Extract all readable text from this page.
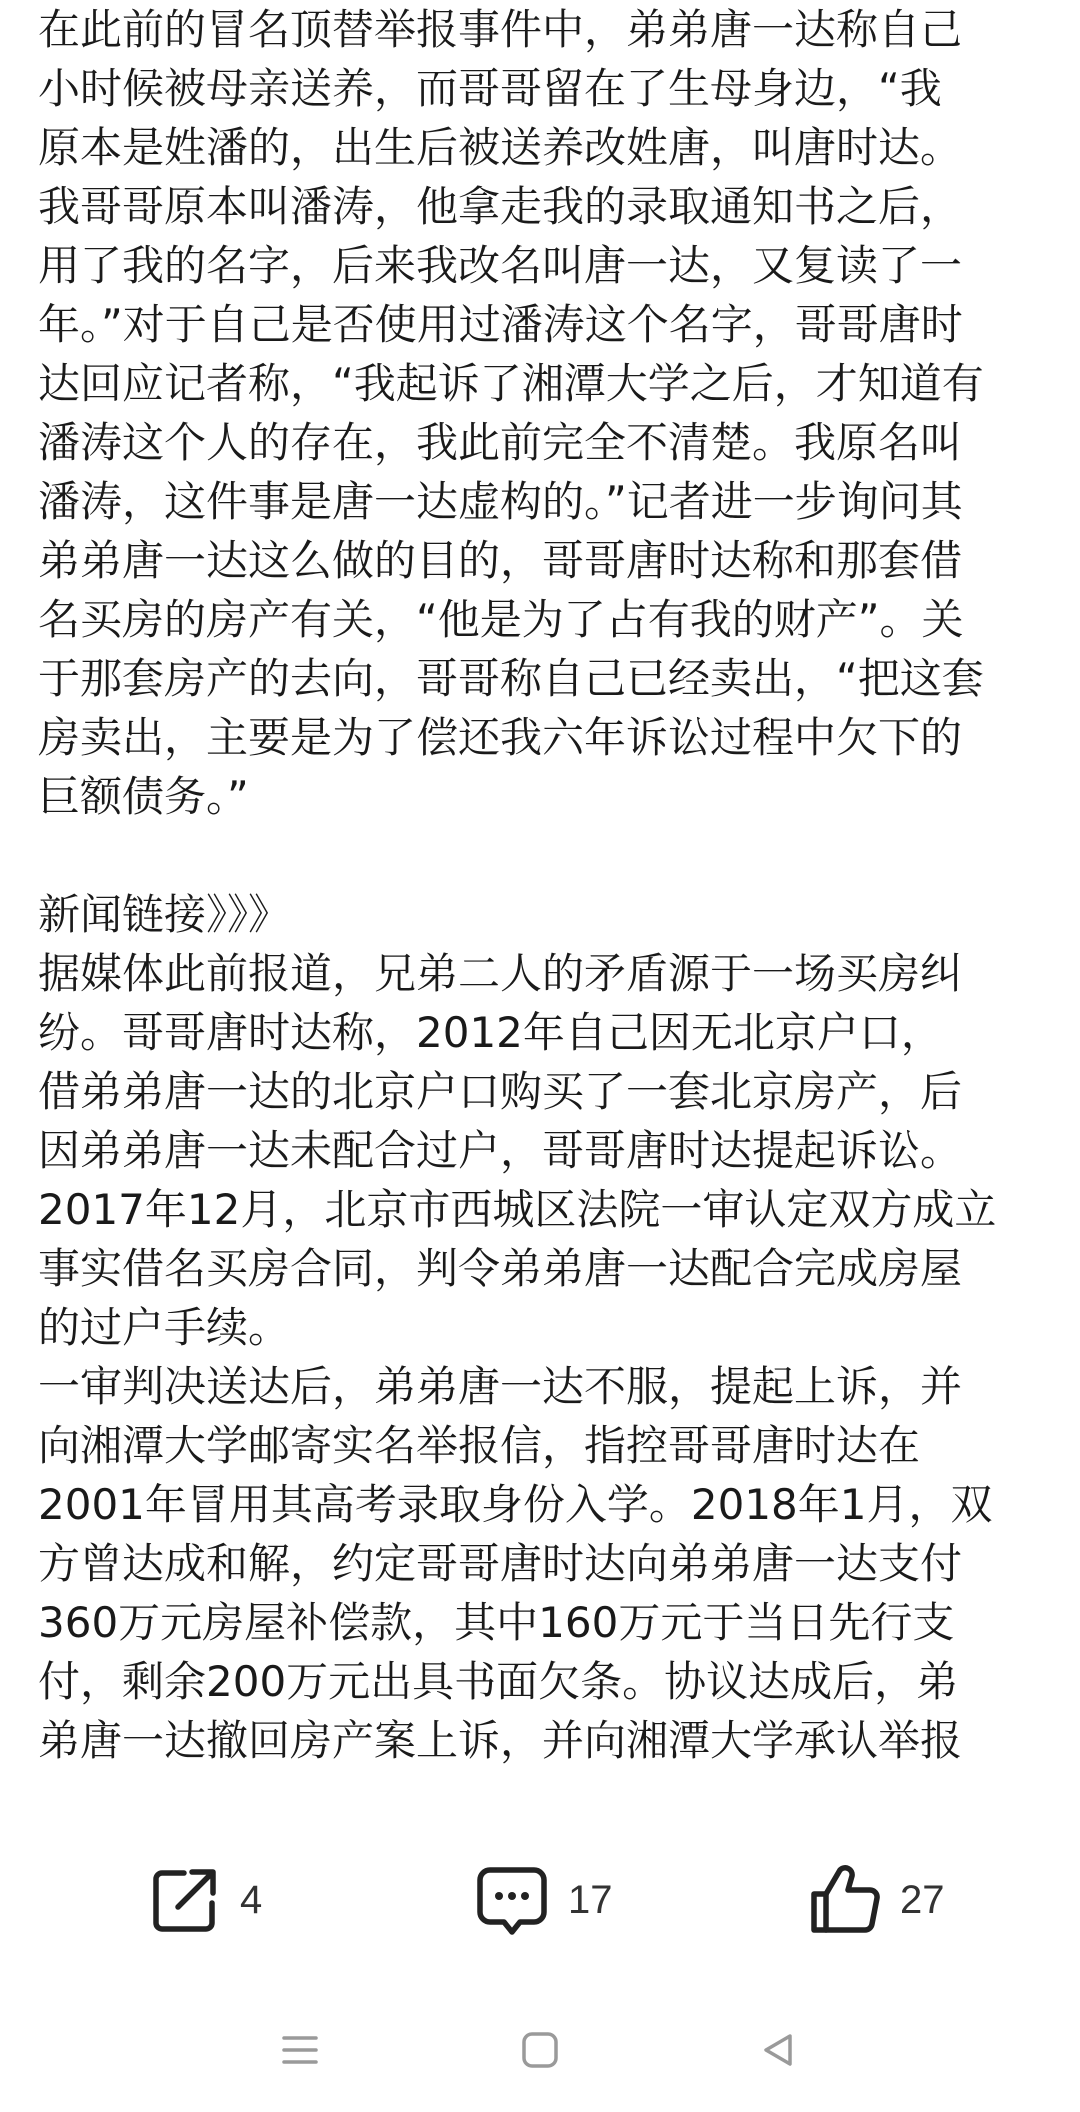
在此前的冒名顶替举报事件中，弟弟唐一达称自己
小时候被母亲送养，而哥哥留在了生母身边，“我
原本是姓潘的，出生后被送养改姓唐，叫唐时达。
我哥哥原本叫潘涛，他拿走我的录取通知书之后，
用了我的名字，后来我改名叫唐一达，又复读了一
年。”对于自己是否使用过潘涛这个名字，哥哥唐时
达回应记者称，“我起诉了湘潭大学之后，才知道有
潘涛这个人的存在，我此前完全不清楚。我原名叫
潘涛，这件事是唐一达虚构的。”记者进一步询问其
弟弟唐一达这么做的目的，哥哥唐时达称和那套借
名买房的房产有关，“他是为了占有我的财产”。关
于那套房产的去向，哥哥称自己已经卖出，“把这套
房卖出，主要是为了偿还我六年诉讼过程中欠下的
巨额债务。”
新闻链接》》》
据媒体此前报道，兄弟二人的矛盾源于一场买房纠
纷。哥哥唐时达称，2012年自己因无北京户口，
借弟弟唐一达的北京户口购买了一套北京房产，后
因弟弟唐一达未配合过户，哥哥唐时达提起诉讼。
2017年12月，北京市西城区法院一审认定双方成立
事实借名买房合同，判令弟弟唐一达配合完成房屋
的过户手续。
一审判决送达后，弟弟唐一达不服，提起上诉，并
向湘潭大学邮寄实名举报信，指控哥哥唐时达在
2001年冒用其高考录取身份入学。2018年1月，双
方曾达成和解，约定哥哥唐时达向弟弟唐一达支付
360万元房屋补偿款，其中160万元于当日先行支
付，剩余200万元出具书面欠条。协议达成后，弟
弟唐一达撤回房产案上诉，并向湘潭大学承认举报
4	17	27
